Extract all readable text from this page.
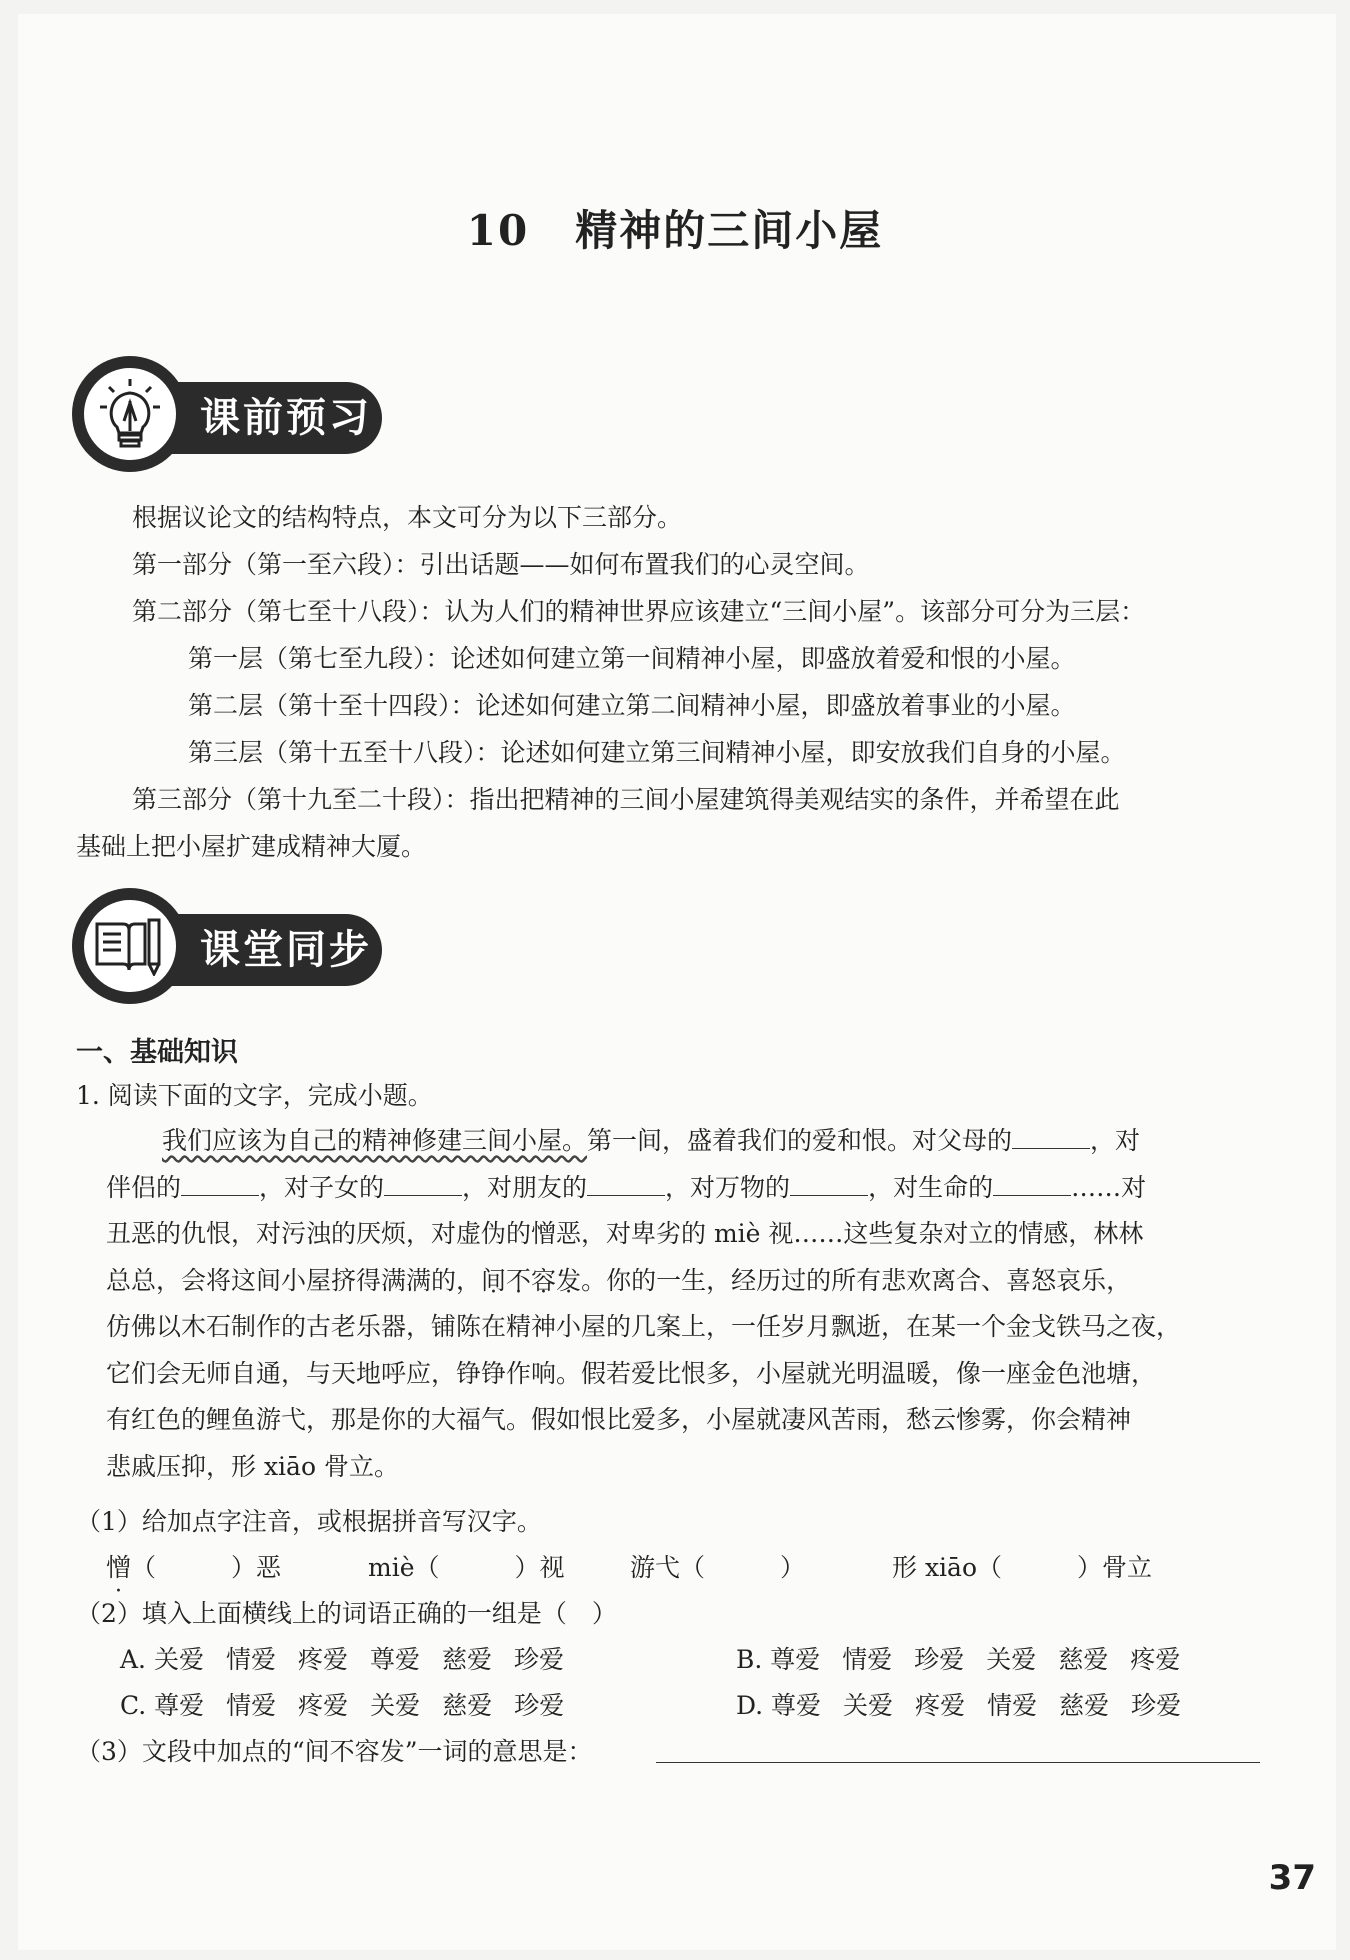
10 精神的三间小屋
课前预习
根据议论文的结构特点，本文可分为以下三部分。
第一部分（第一至六段）：引出话题——如何布置我们的心灵空间。
第二部分（第七至十八段）：认为人们的精神世界应该建立“三间小屋”。该部分可分为三层：
第一层（第七至九段）：论述如何建立第一间精神小屋，即盛放着爱和恨的小屋。
第二层（第十至十四段）：论述如何建立第二间精神小屋，即盛放着事业的小屋。
第三层（第十五至十八段）：论述如何建立第三间精神小屋，即安放我们自身的小屋。
第三部分（第十九至二十段）：指出把精神的三间小屋建筑得美观结实的条件，并希望在此
基础上把小屋扩建成精神大厦。
课堂同步
一、基础知识
1. 阅读下面的文字，完成小题。
我们应该为自己的精神修建三间小屋。第一间，盛着我们的爱和恨。对父母的	，对
伴侣的	，对子女的	，对朋友的	，对万物的	，对生命的	……对
丑恶的仇恨，对污浊的厌烦，对虚伪的憎恶，对卑劣的 miè 视……这些复杂对立的情感，林林
总总，会将这间小屋挤得满满的，间不容发。你的一生，经历过的所有悲欢离合、喜怒哀乐，
仿佛以木石制作的古老乐器，铺陈在精神小屋的几案上，一任岁月飘逝，在某一个金戈铁马之夜，
它们会无师自通，与天地呼应，铮铮作响。假若爱比恨多，小屋就光明温暖，像一座金色池塘，
有红色的鲤鱼游弋，那是你的大福气。假如恨比爱多，小屋就凄风苦雨，愁云惨雾，你会精神
悲戚压抑，形 xiāo 骨立。
（1）给加点字注音，或根据拼音写汉字。
憎（　　　）恶	miè（　　　）视	游弋（　　　）	形 xiāo（　　　）骨立
（2）填入上面横线上的词语正确的一组是（　）
A. 关爱 情爱 疼爱 尊爱 慈爱 珍爱	B. 尊爱 情爱 珍爱 关爱 慈爱 疼爱
C. 尊爱 情爱 疼爱 关爱 慈爱 珍爱	D. 尊爱 关爱 疼爱 情爱 慈爱 珍爱
（3）文段中加点的“间不容发”一词的意思是：
37
